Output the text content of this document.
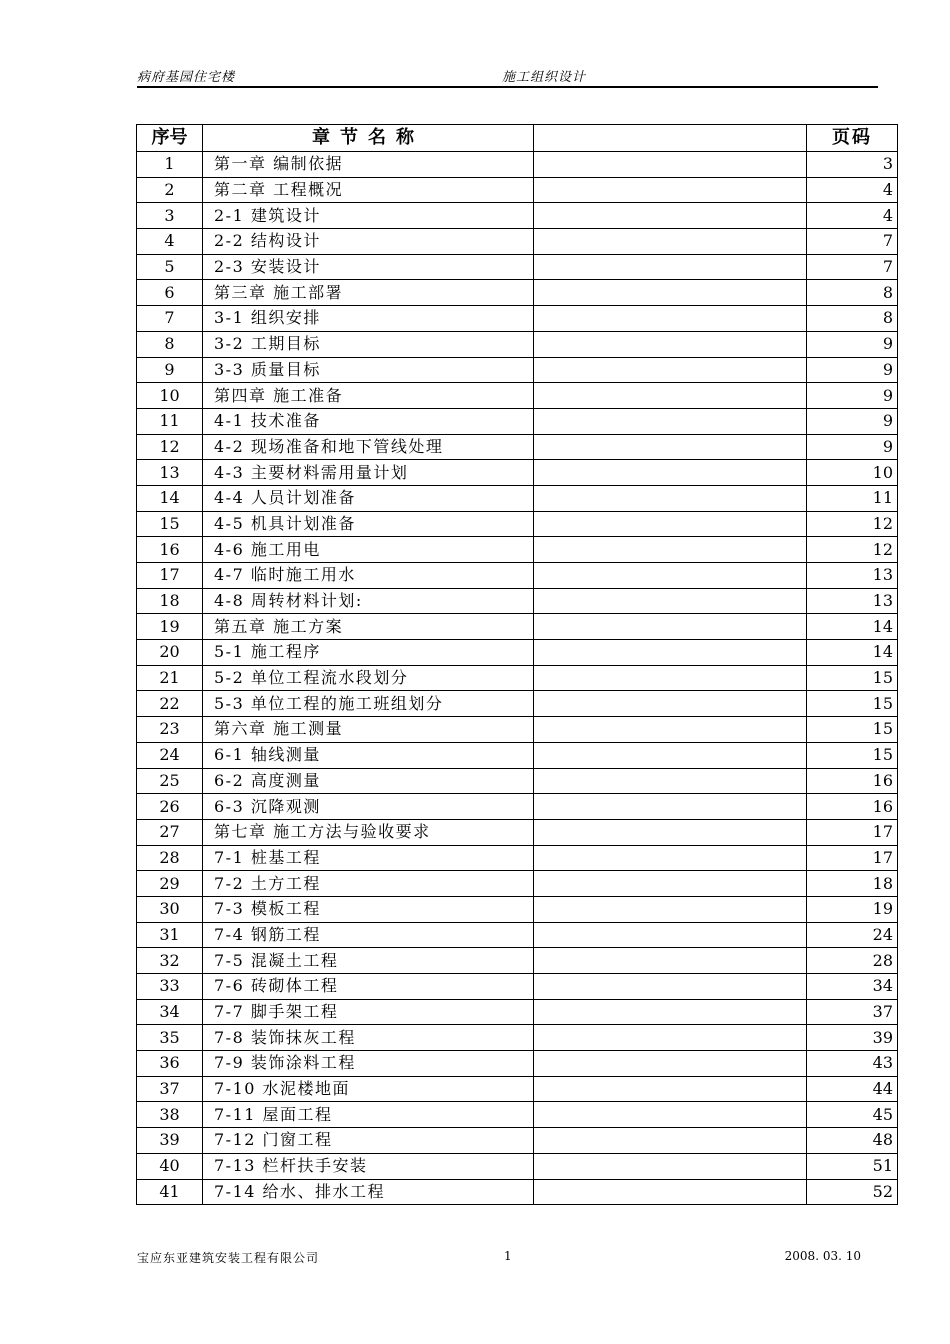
病府基园住宅楼	施工组织设计
序号	章节名称		页码
1	第一章 编制依据		3
2	第二章 工程概况		4
3	2-1 建筑设计		4
4	2-2 结构设计		7
5	2-3 安装设计		7
6	第三章 施工部署		8
7	3-1 组织安排		8
8	3-2 工期目标		9
9	3-3 质量目标		9
10	第四章 施工准备		9
11	4-1 技术准备		9
12	4-2 现场准备和地下管线处理		9
13	4-3 主要材料需用量计划		10
14	4-4 人员计划准备		11
15	4-5 机具计划准备		12
16	4-6 施工用电		12
17	4-7 临时施工用水		13
18	4-8 周转材料计划:		13
19	第五章 施工方案		14
20	5-1 施工程序		14
21	5-2 单位工程流水段划分		15
22	5-3 单位工程的施工班组划分		15
23	第六章 施工测量		15
24	6-1 轴线测量		15
25	6-2 高度测量		16
26	6-3 沉降观测		16
27	第七章 施工方法与验收要求		17
28	7-1 桩基工程		17
29	7-2 土方工程		18
30	7-3 模板工程		19
31	7-4 钢筋工程		24
32	7-5 混凝土工程		28
33	7-6 砖砌体工程		34
34	7-7 脚手架工程		37
35	7-8 装饰抹灰工程		39
36	7-9 装饰涂料工程		43
37	7-10 水泥楼地面		44
38	7-11 屋面工程		45
39	7-12 门窗工程		48
40	7-13 栏杆扶手安装		51
41	7-14 给水、排水工程		52
宝应东亚建筑安装工程有限公司	1	2008. 03. 10
